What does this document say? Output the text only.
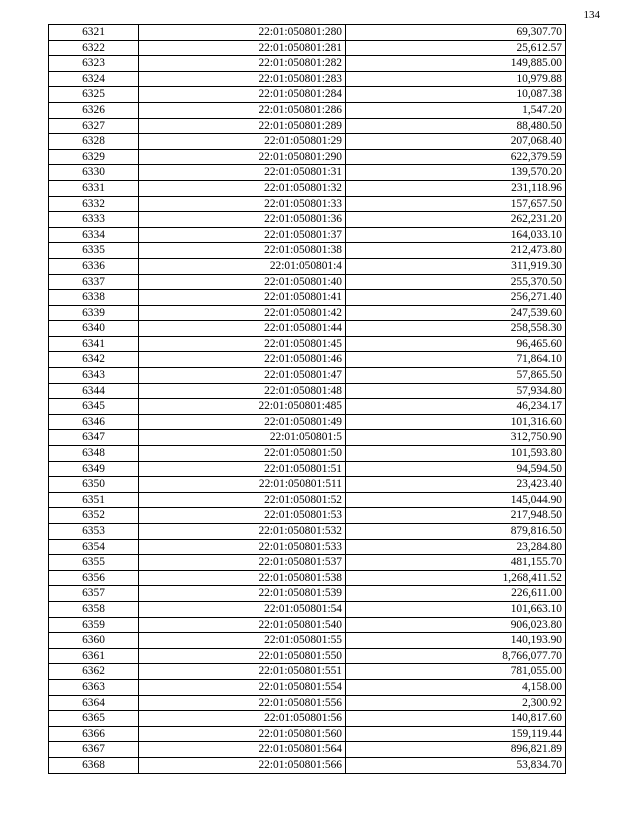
134
6321	22:01:050801:280	69,307.70
6322	22:01:050801:281	25,612.57
6323	22:01:050801:282	149,885.00
6324	22:01:050801:283	10,979.88
6325	22:01:050801:284	10,087.38
6326	22:01:050801:286	1,547.20
6327	22:01:050801:289	88,480.50
6328	22:01:050801:29	207,068.40
6329	22:01:050801:290	622,379.59
6330	22:01:050801:31	139,570.20
6331	22:01:050801:32	231,118.96
6332	22:01:050801:33	157,657.50
6333	22:01:050801:36	262,231.20
6334	22:01:050801:37	164,033.10
6335	22:01:050801:38	212,473.80
6336	22:01:050801:4	311,919.30
6337	22:01:050801:40	255,370.50
6338	22:01:050801:41	256,271.40
6339	22:01:050801:42	247,539.60
6340	22:01:050801:44	258,558.30
6341	22:01:050801:45	96,465.60
6342	22:01:050801:46	71,864.10
6343	22:01:050801:47	57,865.50
6344	22:01:050801:48	57,934.80
6345	22:01:050801:485	46,234.17
6346	22:01:050801:49	101,316.60
6347	22:01:050801:5	312,750.90
6348	22:01:050801:50	101,593.80
6349	22:01:050801:51	94,594.50
6350	22:01:050801:511	23,423.40
6351	22:01:050801:52	145,044.90
6352	22:01:050801:53	217,948.50
6353	22:01:050801:532	879,816.50
6354	22:01:050801:533	23,284.80
6355	22:01:050801:537	481,155.70
6356	22:01:050801:538	1,268,411.52
6357	22:01:050801:539	226,611.00
6358	22:01:050801:54	101,663.10
6359	22:01:050801:540	906,023.80
6360	22:01:050801:55	140,193.90
6361	22:01:050801:550	8,766,077.70
6362	22:01:050801:551	781,055.00
6363	22:01:050801:554	4,158.00
6364	22:01:050801:556	2,300.92
6365	22:01:050801:56	140,817.60
6366	22:01:050801:560	159,119.44
6367	22:01:050801:564	896,821.89
6368	22:01:050801:566	53,834.70
